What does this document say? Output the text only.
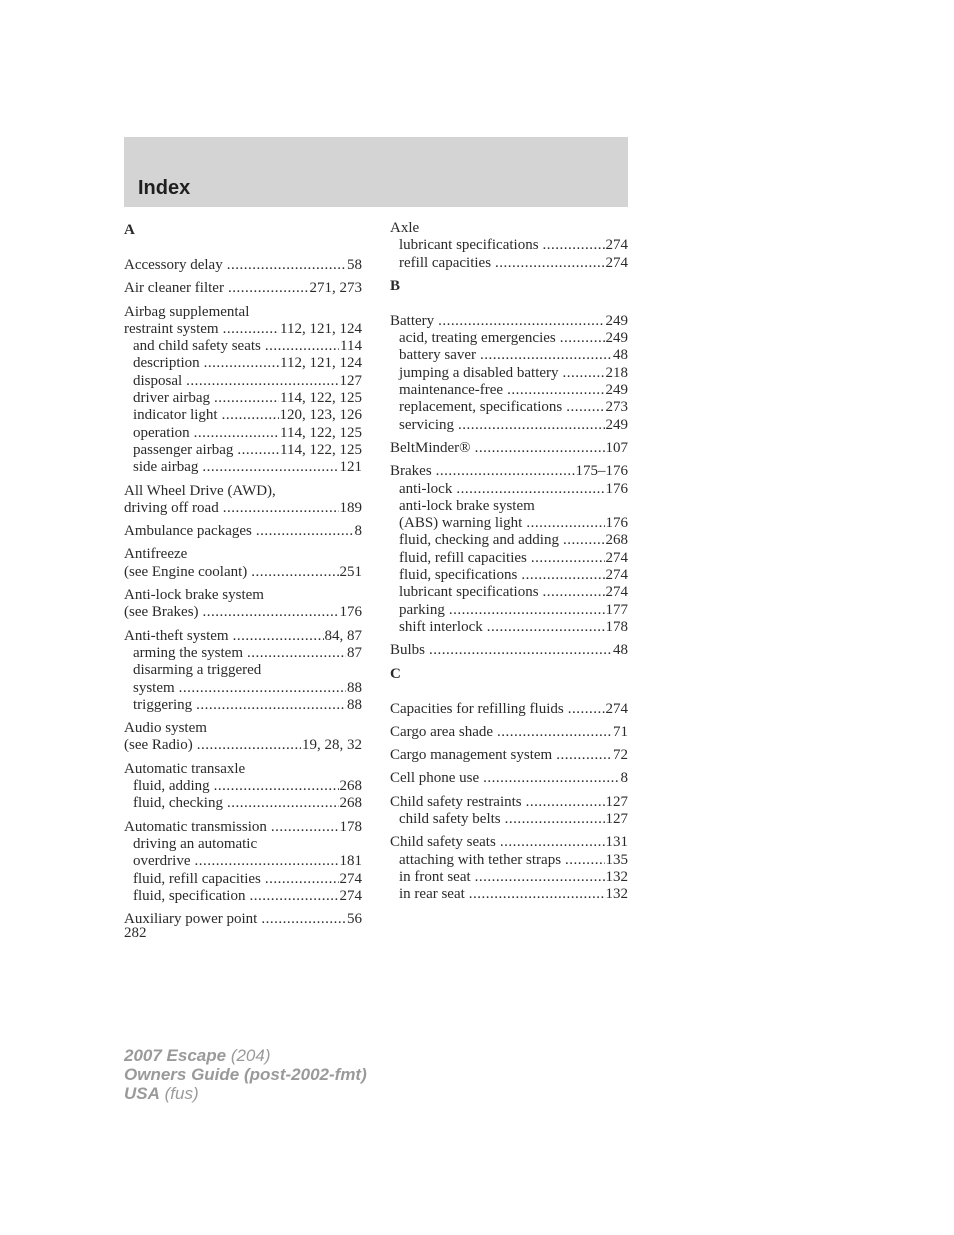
Index
A
Accessory delay .....	58
Air cleaner filter .....	271, 273
Airbag supplemental
restraint system .....	112, 121, 124
and child safety seats .....	114
description .....	112, 121, 124
disposal .....	127
driver airbag .....	114, 122, 125
indicator light .....	120, 123, 126
operation .....	114, 122, 125
passenger airbag .....	114, 122, 125
side airbag .....	121
All Wheel Drive (AWD),
driving off road .....	189
Ambulance packages .....	8
Antifreeze
(see Engine coolant) .....	251
Anti-lock brake system
(see Brakes) .....	176
Anti-theft system .....	84, 87
arming the system .....	87
disarming a triggered
system .....	88
triggering .....	88
Audio system
(see Radio) .....	19, 28, 32
Automatic transaxle
fluid, adding .....	268
fluid, checking .....	268
Automatic transmission .....	178
driving an automatic
overdrive .....	181
fluid, refill capacities .....	274
fluid, specification .....	274
Auxiliary power point .....	56
Axle
lubricant specifications .....	274
refill capacities .....	274
B
Battery .....	249
acid, treating emergencies .....	249
battery saver .....	48
jumping a disabled battery .....	218
maintenance-free .....	249
replacement, specifications .....	273
servicing .....	249
BeltMinder® .....	107
Brakes .....	175–176
anti-lock .....	176
anti-lock brake system
(ABS) warning light .....	176
fluid, checking and adding .....	268
fluid, refill capacities .....	274
fluid, specifications .....	274
lubricant specifications .....	274
parking .....	177
shift interlock .....	178
Bulbs .....	48
C
Capacities for refilling fluids .....	274
Cargo area shade .....	71
Cargo management system .....	72
Cell phone use .....	8
Child safety restraints .....	127
child safety belts .....	127
Child safety seats .....	131
attaching with tether straps .....	135
in front seat .....	132
in rear seat .....	132
282
2007 Escape (204)
Owners Guide (post-2002-fmt)
USA (fus)
